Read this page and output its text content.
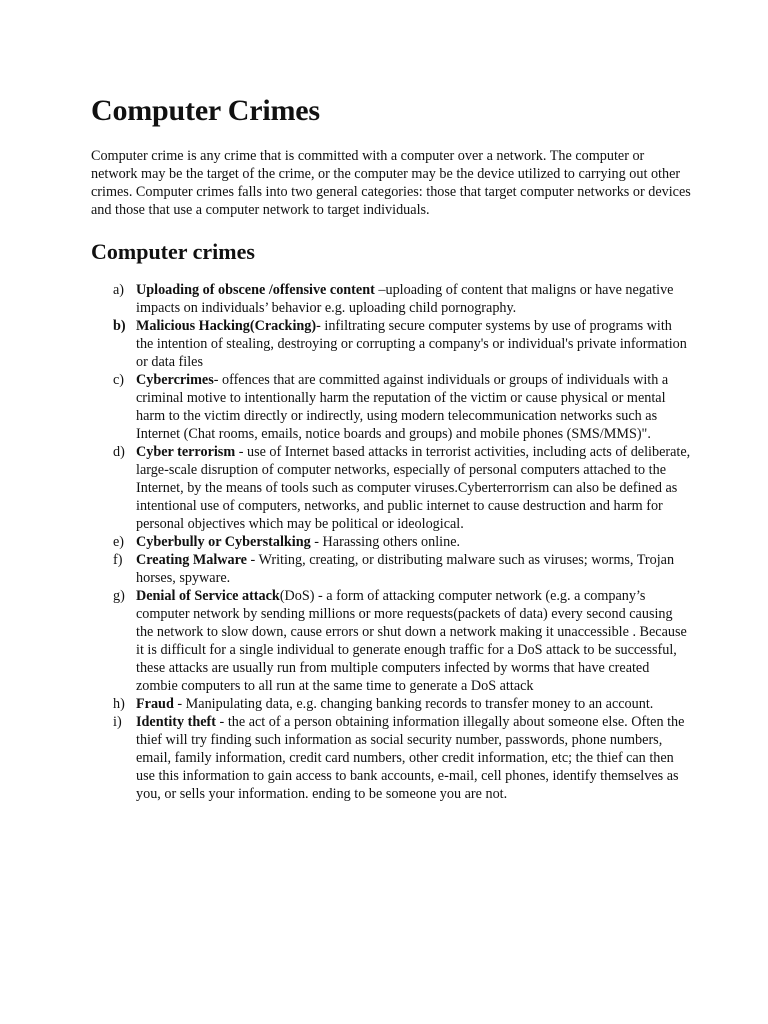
Computer Crimes

Computer crime is any crime that is committed with a computer over a network. The computer or network may be the target of the crime, or the computer may be the device utilized to carrying out other crimes. Computer crimes falls into two general categories: those that target computer networks or devices and those that use a computer network to target individuals.

Computer crimes
a) Uploading of obscene /offensive content –uploading of content that maligns or have negative impacts on individuals’ behavior e.g. uploading child pornography.
b) Malicious Hacking(Cracking)- infiltrating secure computer systems by use of programs with the intention of stealing, destroying or corrupting a company's or individual's private information or data files
c) Cybercrimes- offences that are committed against individuals or groups of individuals with a criminal motive to intentionally harm the reputation of the victim or cause physical or mental harm to the victim directly or indirectly, using modern telecommunication networks such as Internet (Chat rooms, emails, notice boards and groups) and mobile phones (SMS/MMS)".
d) Cyber terrorism - use of Internet based attacks in terrorist activities, including acts of deliberate, large-scale disruption of computer networks, especially of personal computers attached to the Internet, by the means of tools such as computer viruses.Cyberterrorrism can also be defined as intentional use of computers, networks, and public internet to cause destruction and harm for personal objectives which may be political or ideological.
e) Cyberbully or Cyberstalking - Harassing others online.
f) Creating Malware - Writing, creating, or distributing malware such as viruses; worms, Trojan horses, spyware.
g) Denial of Service attack(DoS) - a form of attacking computer network (e.g. a company’s computer network by sending millions or more requests(packets of data) every second causing the network to slow down, cause errors or shut down a network making it unaccessible . Because it is difficult for a single individual to generate enough traffic for a DoS attack to be successful, these attacks are usually run from multiple computers infected by worms that have created zombie computers to all run at the same time to generate a DoS attack
h) Fraud - Manipulating data, e.g. changing banking records to transfer money to an account.
i) Identity theft - the act of a person obtaining information illegally about someone else. Often the thief will try finding such information as social security number, passwords, phone numbers, email, family information, credit card numbers, other credit information, etc; the thief can then use this information to gain access to bank accounts, e-mail, cell phones, identify themselves as you, or sells your information. ending to be someone you are not.
